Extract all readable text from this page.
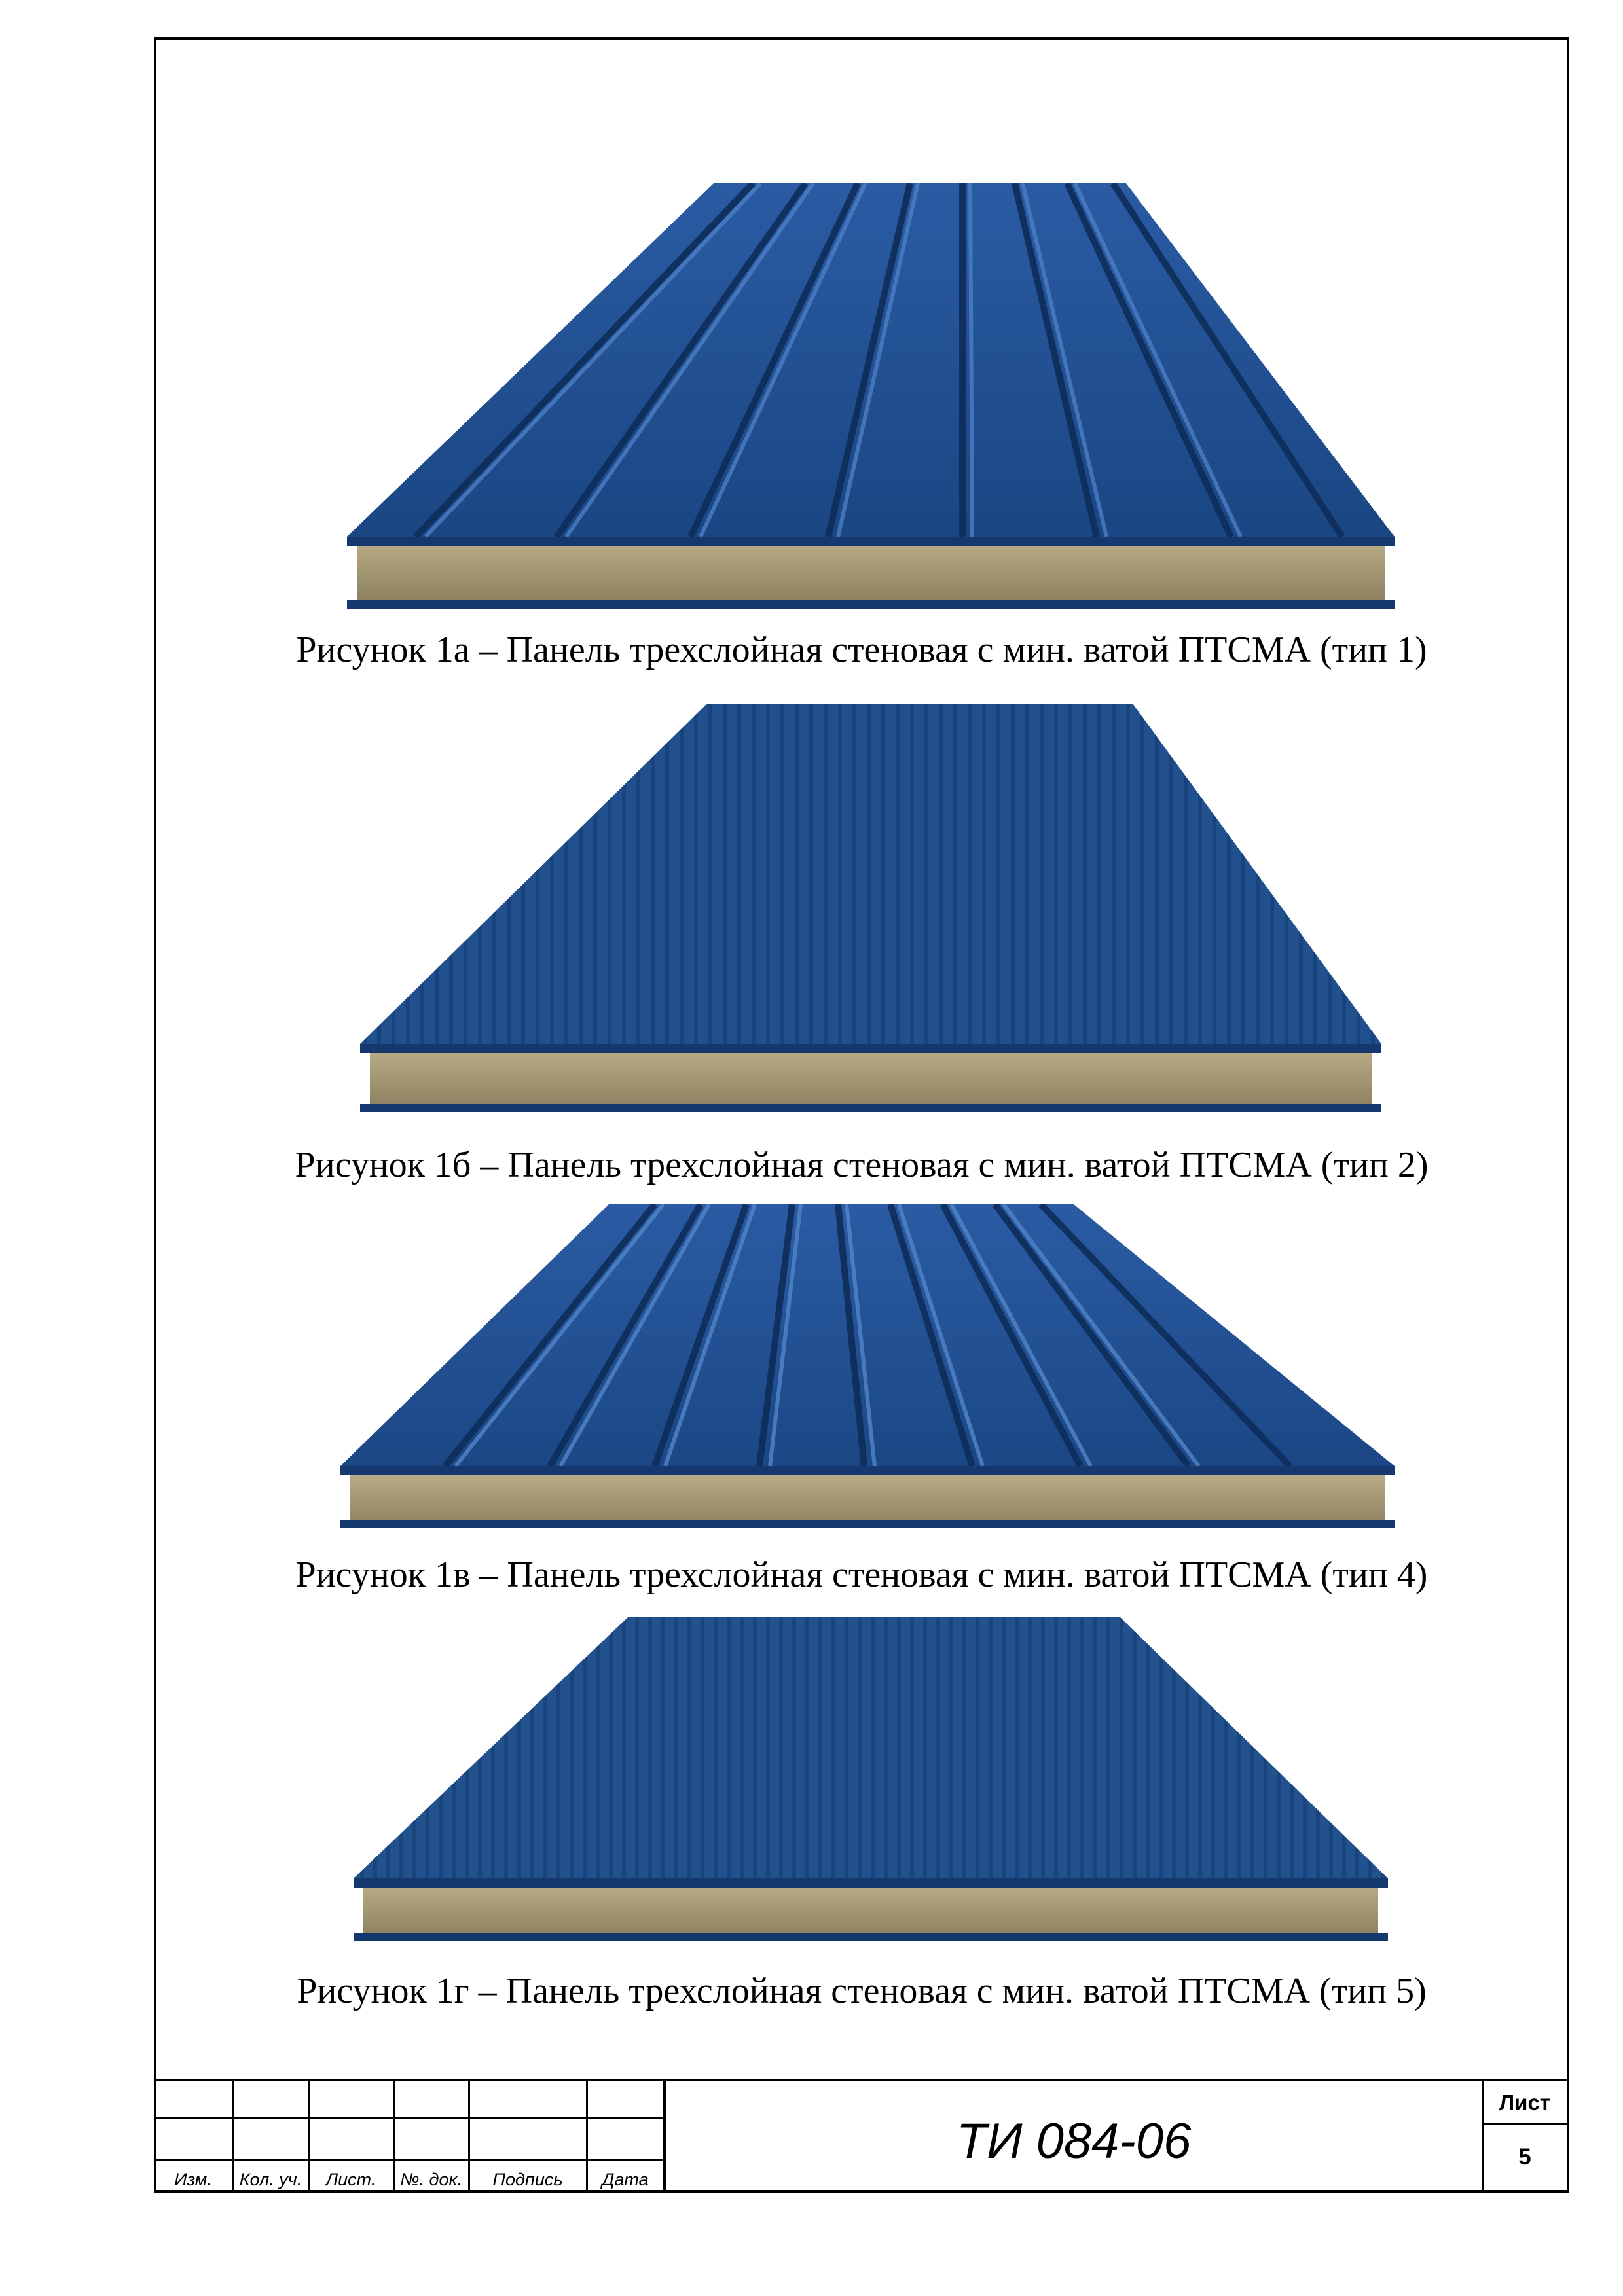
Рисунок 1а – Панель трехслойная стеновая с мин. ватой ПТСМА (тип 1)
Рисунок 1б – Панель трехслойная стеновая с мин. ватой ПТСМА (тип 2)
Рисунок 1в – Панель трехслойная стеновая с мин. ватой ПТСМА (тип 4)
Рисунок 1г – Панель трехслойная стеновая с мин. ватой ПТСМА (тип 5)
Изм.	Кол. уч.	Лист.	№. док.	Подпись	Дата
ТИ 084-06
Лист
5
